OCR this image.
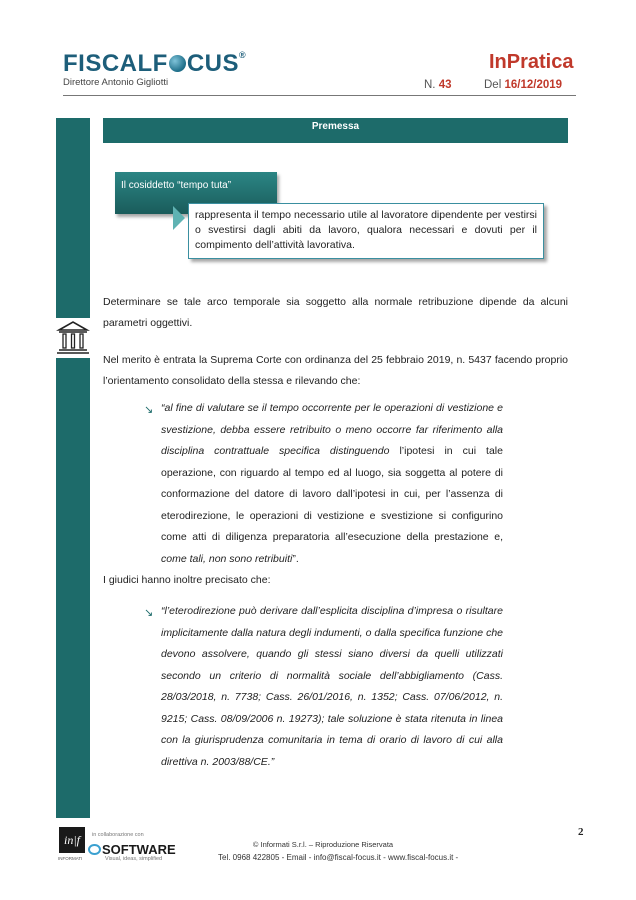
FISCALF CUS®
Direttore Antonio Gigliotti
InPratica
N. 43	Del 16/12/2019
Premessa
Il cosiddetto “tempo tuta”
rappresenta il tempo necessario utile al lavoratore dipendente per vestirsi o svestirsi dagli abiti da lavoro, qualora necessari e dovuti per il compimento dell’attività lavorativa.
Determinare se tale arco temporale sia soggetto alla normale retribuzione dipende da alcuni parametri oggettivi.
Nel merito è entrata la Suprema Corte con ordinanza del 25 febbraio 2019, n. 5437 facendo proprio l’orientamento consolidato della stessa e rilevando che:
↘ “al fine di valutare se il tempo occorrente per le operazioni di vestizione e svestizione, debba essere retribuito o meno occorre far riferimento alla disciplina contrattuale specifica distinguendo l’ipotesi in cui tale operazione, con riguardo al tempo ed al luogo, sia soggetta al potere di conformazione del datore di lavoro dall’ipotesi in cui, per l’assenza di eterodirezione, le operazioni di vestizione e svestizione si configurino come atti di diligenza preparatoria all’esecuzione della prestazione e, come tali, non sono retribuiti”.
I giudici hanno inoltre precisato che:
↘ “l’eterodirezione può derivare dall’esplicita disciplina d’impresa o risultare implicitamente dalla natura degli indumenti, o dalla specifica funzione che devono assolvere, quando gli stessi siano diversi da quelli utilizzati secondo un criterio di normalità sociale dell’abbigliamento (Cass. 28/03/2018, n. 7738; Cass. 26/01/2016, n. 1352; Cass. 07/06/2012, n. 9215; Cass. 08/09/2006 n. 19273); tale soluzione è stata ritenuta in linea con la giurisprudenza comunitaria in tema di orario di lavoro di cui alla direttiva n. 2003/88/CE.”
in|f
INFORMATI
in collaborazione con
SOFTWARE
Visual, ideas, simplified
© Informati S.r.l. – Riproduzione Riservata
Tel. 0968 422805 - Email - info@fiscal-focus.it - www.fiscal-focus.it -
2
